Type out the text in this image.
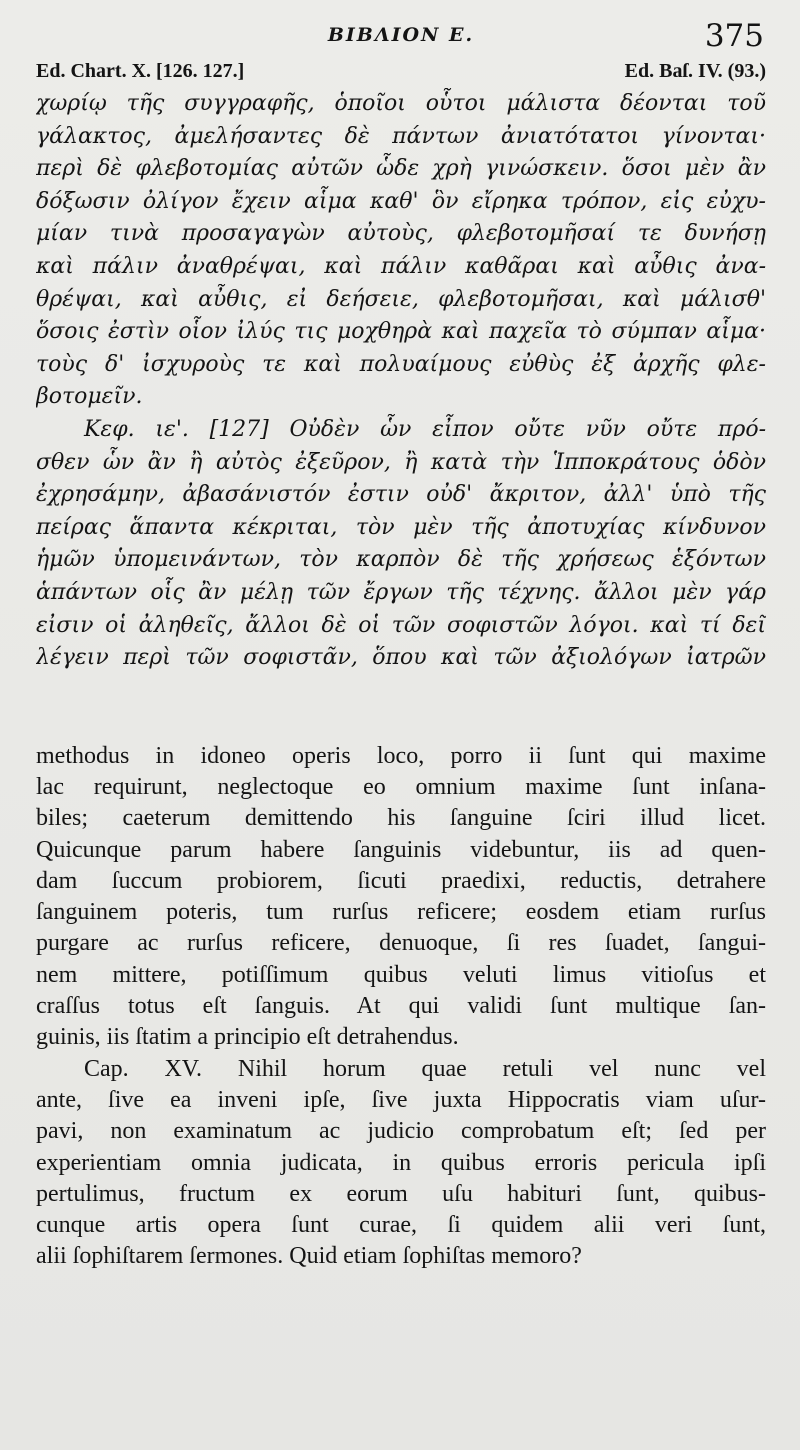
ΒΙΒΛΙΟΝ Ε.	375
Ed. Chart. X. [126. 127.]	Ed. Baſ. IV. (93.)
χωρίῳ τῆς συγγραφῆς, ὁποῖοι οὗτοι μάλιστα δέονται τοῦ
γάλακτος, ἀμελήσαντες δὲ πάντων ἀνιατότατοι γίνονται·
περὶ δὲ φλεβοτομίας αὐτῶν ὧδε χρὴ γινώσκειν. ὅσοι μὲν ἂν
δόξωσιν ὀλίγον ἔχειν αἷμα καθ' ὃν εἴρηκα τρόπον, εἰς εὐχυ-
μίαν τινὰ προσαγαγὼν αὐτοὺς, φλεβοτομῆσαί τε δυνήσῃ
καὶ πάλιν ἀναθρέψαι, καὶ πάλιν καθᾶραι καὶ αὖθις ἀνα-
θρέψαι, καὶ αὖθις, εἰ δεήσειε, φλεβοτομῆσαι, καὶ μάλισθ'
ὅσοις ἐστὶν οἷον ἰλύς τις μοχθηρὰ καὶ παχεῖα τὸ σύμπαν αἷμα·
τοὺς δ' ἰσχυροὺς τε καὶ πολυαίμους εὐθὺς ἐξ ἀρχῆς φλε-
βοτομεῖν.
Κεφ. ιε'. [127] Οὐδὲν ὧν εἶπον οὔτε νῦν οὔτε πρό-
σθεν ὧν ἂν ἢ αὐτὸς ἐξεῦρον, ἢ κατὰ τὴν Ἱπποκράτους ὁδὸν
ἐχρησάμην, ἀβασάνιστόν ἐστιν οὐδ' ἄκριτον, ἀλλ' ὑπὸ τῆς
πείρας ἅπαντα κέκριται, τὸν μὲν τῆς ἀποτυχίας κίνδυνον
ἡμῶν ὑπομεινάντων, τὸν καρπὸν δὲ τῆς χρήσεως ἑξόντων
ἁπάντων οἷς ἂν μέλῃ τῶν ἔργων τῆς τέχνης. ἄλλοι μὲν γάρ
εἰσιν οἱ ἀληθεῖς, ἄλλοι δὲ οἱ τῶν σοφιστῶν λόγοι. καὶ τί δεῖ
λέγειν περὶ τῶν σοφιστᾶν, ὅπου καὶ τῶν ἀξιολόγων ἰατρῶν
methodus in idoneo operis loco, porro ii ſunt qui maxime
lac requirunt, neglectoque eo omnium maxime ſunt inſana-
biles; caeterum demittendo his ſanguine ſciri illud licet.
Quicunque parum habere ſanguinis videbuntur, iis ad quen-
dam ſuccum probiorem, ſicuti praedixi, reductis, detrahere
ſanguinem poteris, tum rurſus reficere; eosdem etiam rurſus
purgare ac rurſus reficere, denuoque, ſi res ſuadet, ſangui-
nem mittere, potiſſimum quibus veluti limus vitioſus et
craſſus totus eſt ſanguis. At qui validi ſunt multique ſan-
guinis, iis ſtatim a principio eſt detrahendus.
Cap. XV. Nihil horum quae retuli vel nunc vel
ante, ſive ea inveni ipſe, ſive juxta Hippocratis viam uſur-
pavi, non examinatum ac judicio comprobatum eſt; ſed per
experientiam omnia judicata, in quibus erroris pericula ipſi
pertulimus, fructum ex eorum uſu habituri ſunt, quibus-
cunque artis opera ſunt curae, ſi quidem alii veri ſunt,
alii ſophiſtarem ſermones. Quid etiam ſophiſtas memoro?
